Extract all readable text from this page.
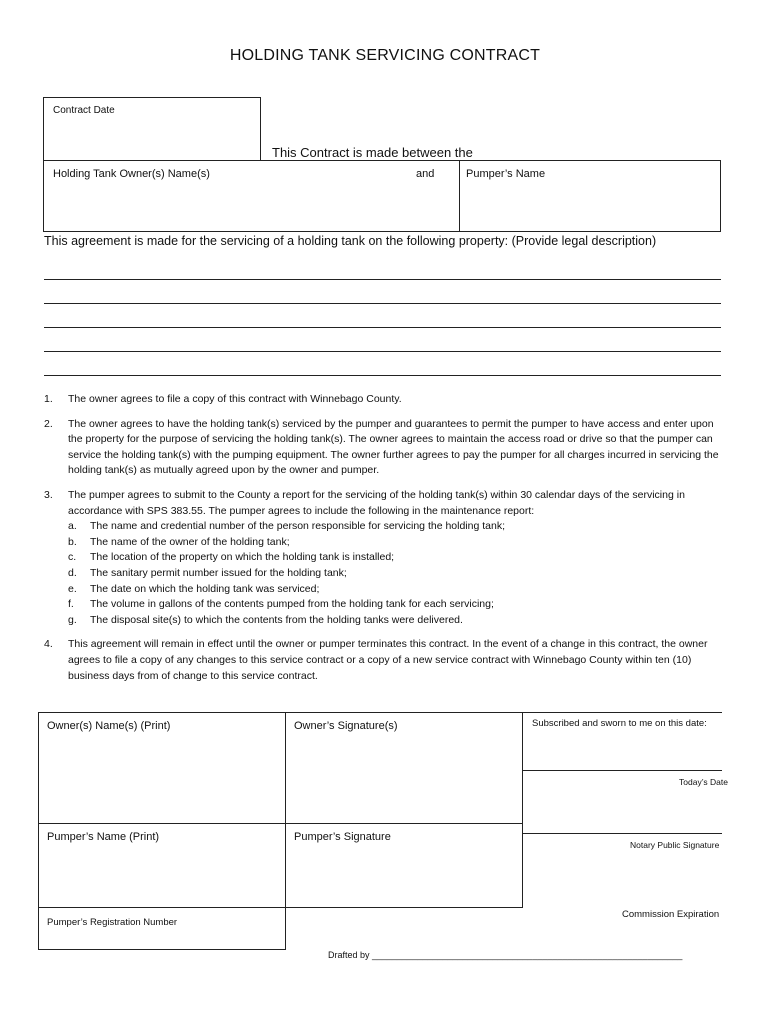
HOLDING TANK SERVICING CONTRACT
Contract Date
This Contract is made between the
Holding Tank Owner(s) Name(s)	and	Pumper’s Name
This agreement is made for the servicing of a holding tank on the following property: (Provide legal description)
1. The owner agrees to file a copy of this contract with Winnebago County.
2. The owner agrees to have the holding tank(s) serviced by the pumper and guarantees to permit the pumper to have access and enter upon the property for the purpose of servicing the holding tank(s). The owner agrees to maintain the access road or drive so that the pumper can service the holding tank(s) with the pumping equipment. The owner further agrees to pay the pumper for all charges incurred in servicing the holding tank(s) as mutually agreed upon by the owner and pumper.
3. The pumper agrees to submit to the County a report for the servicing of the holding tank(s) within 30 calendar days of the servicing in accordance with SPS 383.55. The pumper agrees to include the following in the maintenance report:
a. The name and credential number of the person responsible for servicing the holding tank;
b. The name of the owner of the holding tank;
c. The location of the property on which the holding tank is installed;
d. The sanitary permit number issued for the holding tank;
e. The date on which the holding tank was serviced;
f. The volume in gallons of the contents pumped from the holding tank for each servicing;
g. The disposal site(s) to which the contents from the holding tanks were delivered.
4. This agreement will remain in effect until the owner or pumper terminates this contract. In the event of a change in this contract, the owner agrees to file a copy of any changes to this service contract or a copy of a new service contract with Winnebago County within ten (10) business days from of change to this service contract.
Owner(s) Name(s) (Print)	Owner’s Signature(s)
Pumper’s Name (Print)	Pumper’s Signature
Pumper’s Registration Number
Subscribed and sworn to me on this date:
Today’s Date
Notary Public Signature
Commission Expiration
Drafted by ______________________________________________________________
